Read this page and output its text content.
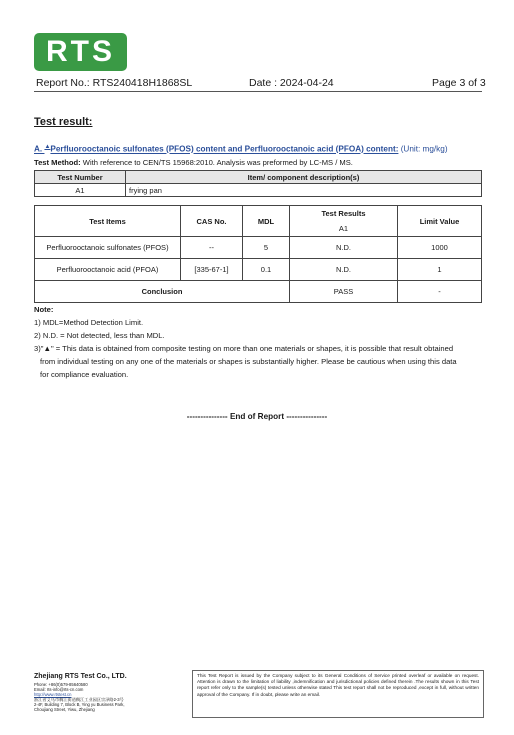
RTS
Report No.: RTS240418H1868SL	Date : 2024-04-24	Page 3 of 3
Test result:
A. ▲Perfluorooctanoic sulfonates (PFOS) content and Perfluorooctanoic acid (PFOA) content: (Unit: mg/kg)
Test Method: With reference to CEN/TS 15968:2010. Analysis was preformed by LC-MS / MS.
Test Number	Item/ component description(s)
A1	frying pan
Test Items	CAS No.	MDL	Test Results	Limit Value
			A1	
Perfluorooctanoic sulfonates (PFOS)	--	5	N.D.	1000
Perfluorooctanoic acid (PFOA)	[335-67-1]	0.1	N.D.	1
Conclusion			PASS	-

Note:

1) MDL=Method Detection Limit.

2) N.D. = Not detected, less than MDL.

3)"▲" = This data is obtained from composite testing on more than one materials or shapes, it is possible that result obtained

from individual testing on any one of the materials or shapes is substantially higher. Please be cautious when using this data

for compliance evaluation.

--------------- End of Report ---------------
Zhejiang RTS Test Co., LTD.
Phone: +86(0)579-85640580
Email: rts-info@rts-cn.com
http://www.rtstest.cn
浙江省义乌市稠江街道稠江工业园区宗泽路2-3号
2-4F, Building 7, Block B, Ying yu Business Park,
Choujiang Street, Yiwu, Zhejiang
This Test Report is issued by the Company subject to its General Conditions of Service printed overleaf or available on request. Attention is drawn to the limitation of liability ,indemnification and jurisdictional policies defined therein .The results shown in this Test report refer only to the sample(s) tested unless otherwise stated This test report shall not be reproduced ,except in full, without written approval of the Company. If in doubt, please write an email.
